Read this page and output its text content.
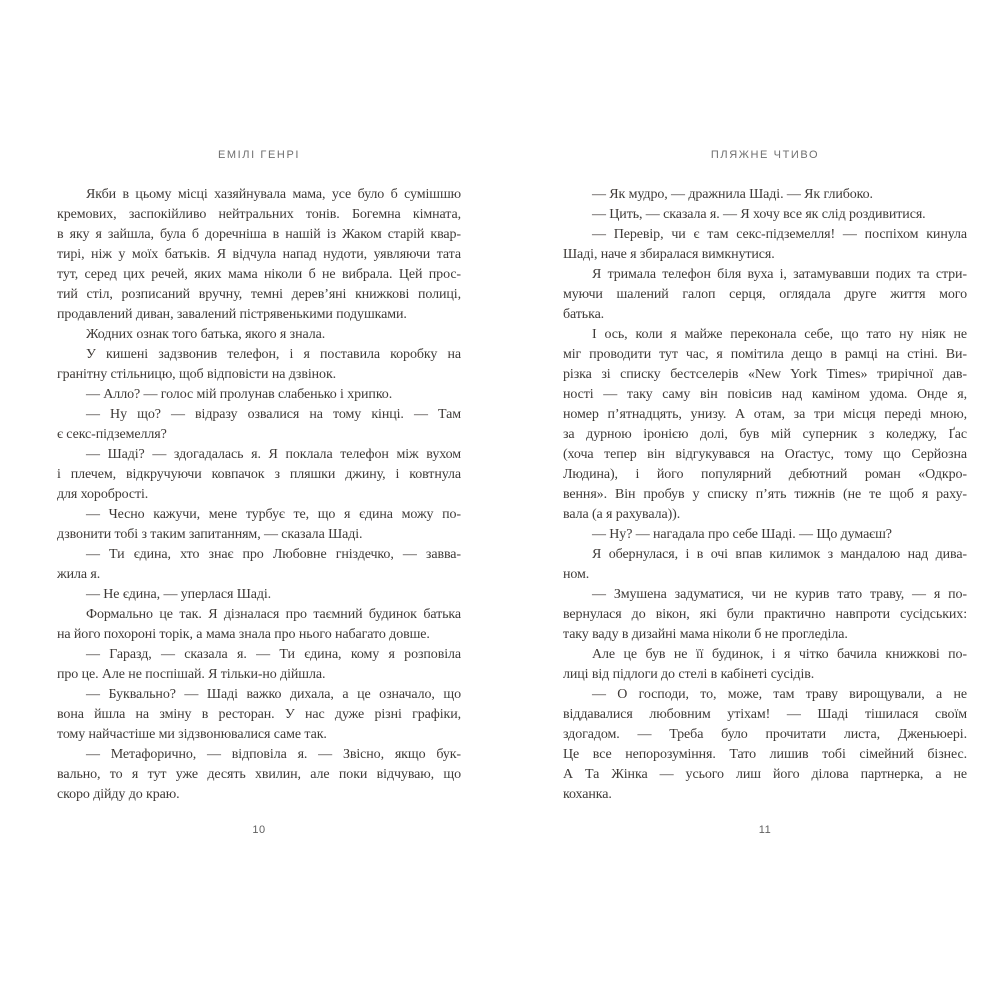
ЕМІЛІ ГЕНРІ
Якби в цьому місці хазяйнувала мама, усе було б сумішшю
кремових, заспокійливо нейтральних тонів. Богемна кімната,
в яку я зайшла, була б доречніша в нашій із Жаком старій квар-
тирі, ніж у моїх батьків. Я відчула напад нудоти, уявляючи тата
тут, серед цих речей, яких мама ніколи б не вибрала. Цей прос-
тий стіл, розписаний вручну, темні дерев’яні книжкові полиці,
продавлений диван, завалений пістрявенькими подушками.
Жодних ознак того батька, якого я знала.
У кишені задзвонив телефон, і я поставила коробку на
гранітну стільницю, щоб відповісти на дзвінок.
— Алло? — голос мій пролунав слабенько і хрипко.
— Ну що? — відразу озвалися на тому кінці. — Там
є секс-підземелля?
— Шаді? — здогадалась я. Я поклала телефон між вухом
і плечем, відкручуючи ковпачок з пляшки джину, і ковтнула
для хоробрості.
— Чесно кажучи, мене турбує те, що я єдина можу по-
дзвонити тобі з таким запитанням, — сказала Шаді.
— Ти єдина, хто знає про Любовне гніздечко, — завва-
жила я.
— Не єдина, — уперлася Шаді.
Формально це так. Я дізналася про таємний будинок батька
на його похороні торік, а мама знала про нього набагато довше.
— Гаразд, — сказала я. — Ти єдина, кому я розповіла
про це. Але не поспішай. Я тільки-но дійшла.
— Буквально? — Шаді важко дихала, а це означало, що
вона йшла на зміну в ресторан. У нас дуже різні графіки,
тому найчастіше ми зідзвонювалися саме так.
— Метафорично, — відповіла я. — Звісно, якщо бук-
вально, то я тут уже десять хвилин, але поки відчуваю, що
скоро дійду до краю.
10
ПЛЯЖНЕ ЧТИВО
— Як мудро, — дражнила Шаді. — Як глибоко.
— Цить, — сказала я. — Я хочу все як слід роздивитися.
— Перевір, чи є там секс-підземелля! — поспіхом кинула
Шаді, наче я збиралася вимкнутися.
Я тримала телефон біля вуха і, затамувавши подих та стри-
муючи шалений галоп серця, оглядала друге життя мого
батька.
І ось, коли я майже переконала себе, що тато ну ніяк не
міг проводити тут час, я помітила дещо в рамці на стіні. Ви-
різка зі списку бестселерів «New York Times» трирічної дав-
ності — таку саму він повісив над каміном удома. Онде я,
номер п’ятнадцять, унизу. А отам, за три місця переді мною,
за дурною іронією долі, був мій суперник з коледжу, Ґас
(хоча тепер він відгукувався на Оґастус, тому що Серйозна
Людина), і його популярний дебютний роман «Одкро-
вення». Він пробув у списку п’ять тижнів (не те щоб я раху-
вала (а я рахувала)).
— Ну? — нагадала про себе Шаді. — Що думаєш?
Я обернулася, і в очі впав килимок з мандалою над дива-
ном.
— Змушена задуматися, чи не курив тато траву, — я по-
вернулася до вікон, які були практично навпроти сусідських:
таку ваду в дизайні мама ніколи б не прогледіла.
Але це був не її будинок, і я чітко бачила книжкові по-
лиці від підлоги до стелі в кабінеті сусідів.
— О господи, то, може, там траву вирощували, а не
віддавалися любовним утіхам! — Шаді тішилася своїм
здогадом. — Треба було прочитати листа, Дженьюері.
Це все непорозуміння. Тато лишив тобі сімейний бізнес.
А Та Жінка — усього лиш його ділова партнерка, а не
коханка.
11
